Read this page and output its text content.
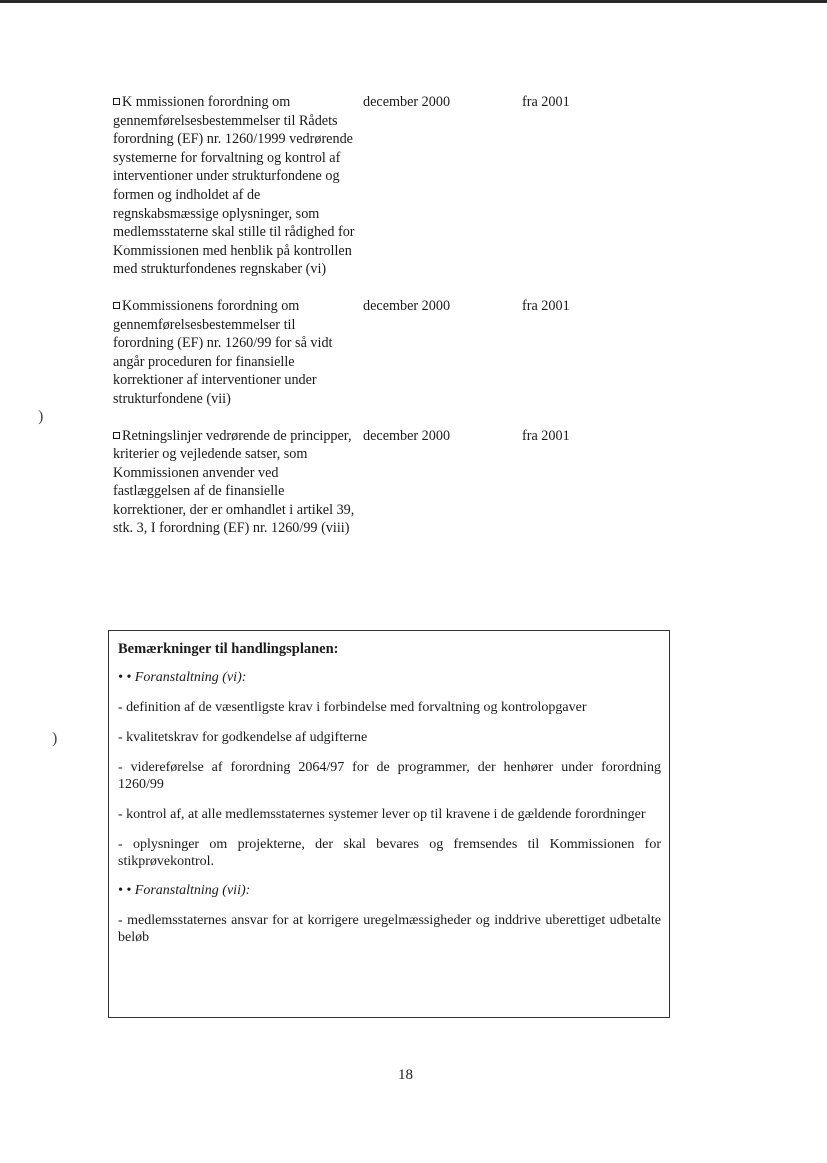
)
)
K mmissionen forordning om gennemførelsesbestemmelser til Rådets forordning (EF) nr. 1260/1999 vedrørende systemerne for forvaltning og kontrol af interventioner under strukturfondene og formen og indholdet af de regnskabsmæssige oplysninger, som medlemsstaterne skal stille til rådighed for Kommissionen med henblik på kontrollen med strukturfondenes regnskaber (vi)
december 2000	fra 2001
Kommissionens forordning om gennemførelsesbestemmelser til forordning (EF) nr. 1260/99 for så vidt angår proceduren for finansielle korrektioner af interventioner under strukturfondene (vii)
december 2000	fra 2001
Retningslinjer vedrørende de principper, kriterier og vejledende satser, som Kommissionen anvender ved fastlæggelsen af de finansielle korrektioner, der er omhandlet i artikel 39, stk. 3, I forordning (EF) nr. 1260/99 (viii)
december 2000	fra 2001
Bemærkninger til handlingsplanen:
• • Foranstaltning (vi):

- definition af de væsentligste krav i forbindelse med forvaltning og kontrolopgaver

- kvalitetskrav for godkendelse af udgifterne

- videreførelse af forordning 2064/97 for de programmer, der henhører under forordning 1260/99

- kontrol af, at alle medlemsstaternes systemer lever op til kravene i de gældende forordninger

- oplysninger om projekterne, der skal bevares og fremsendes til Kommissionen for stikprøvekontrol.

• • Foranstaltning (vii):

- medlemsstaternes ansvar for at korrigere uregelmæssigheder og inddrive uberettiget udbetalte beløb

18
